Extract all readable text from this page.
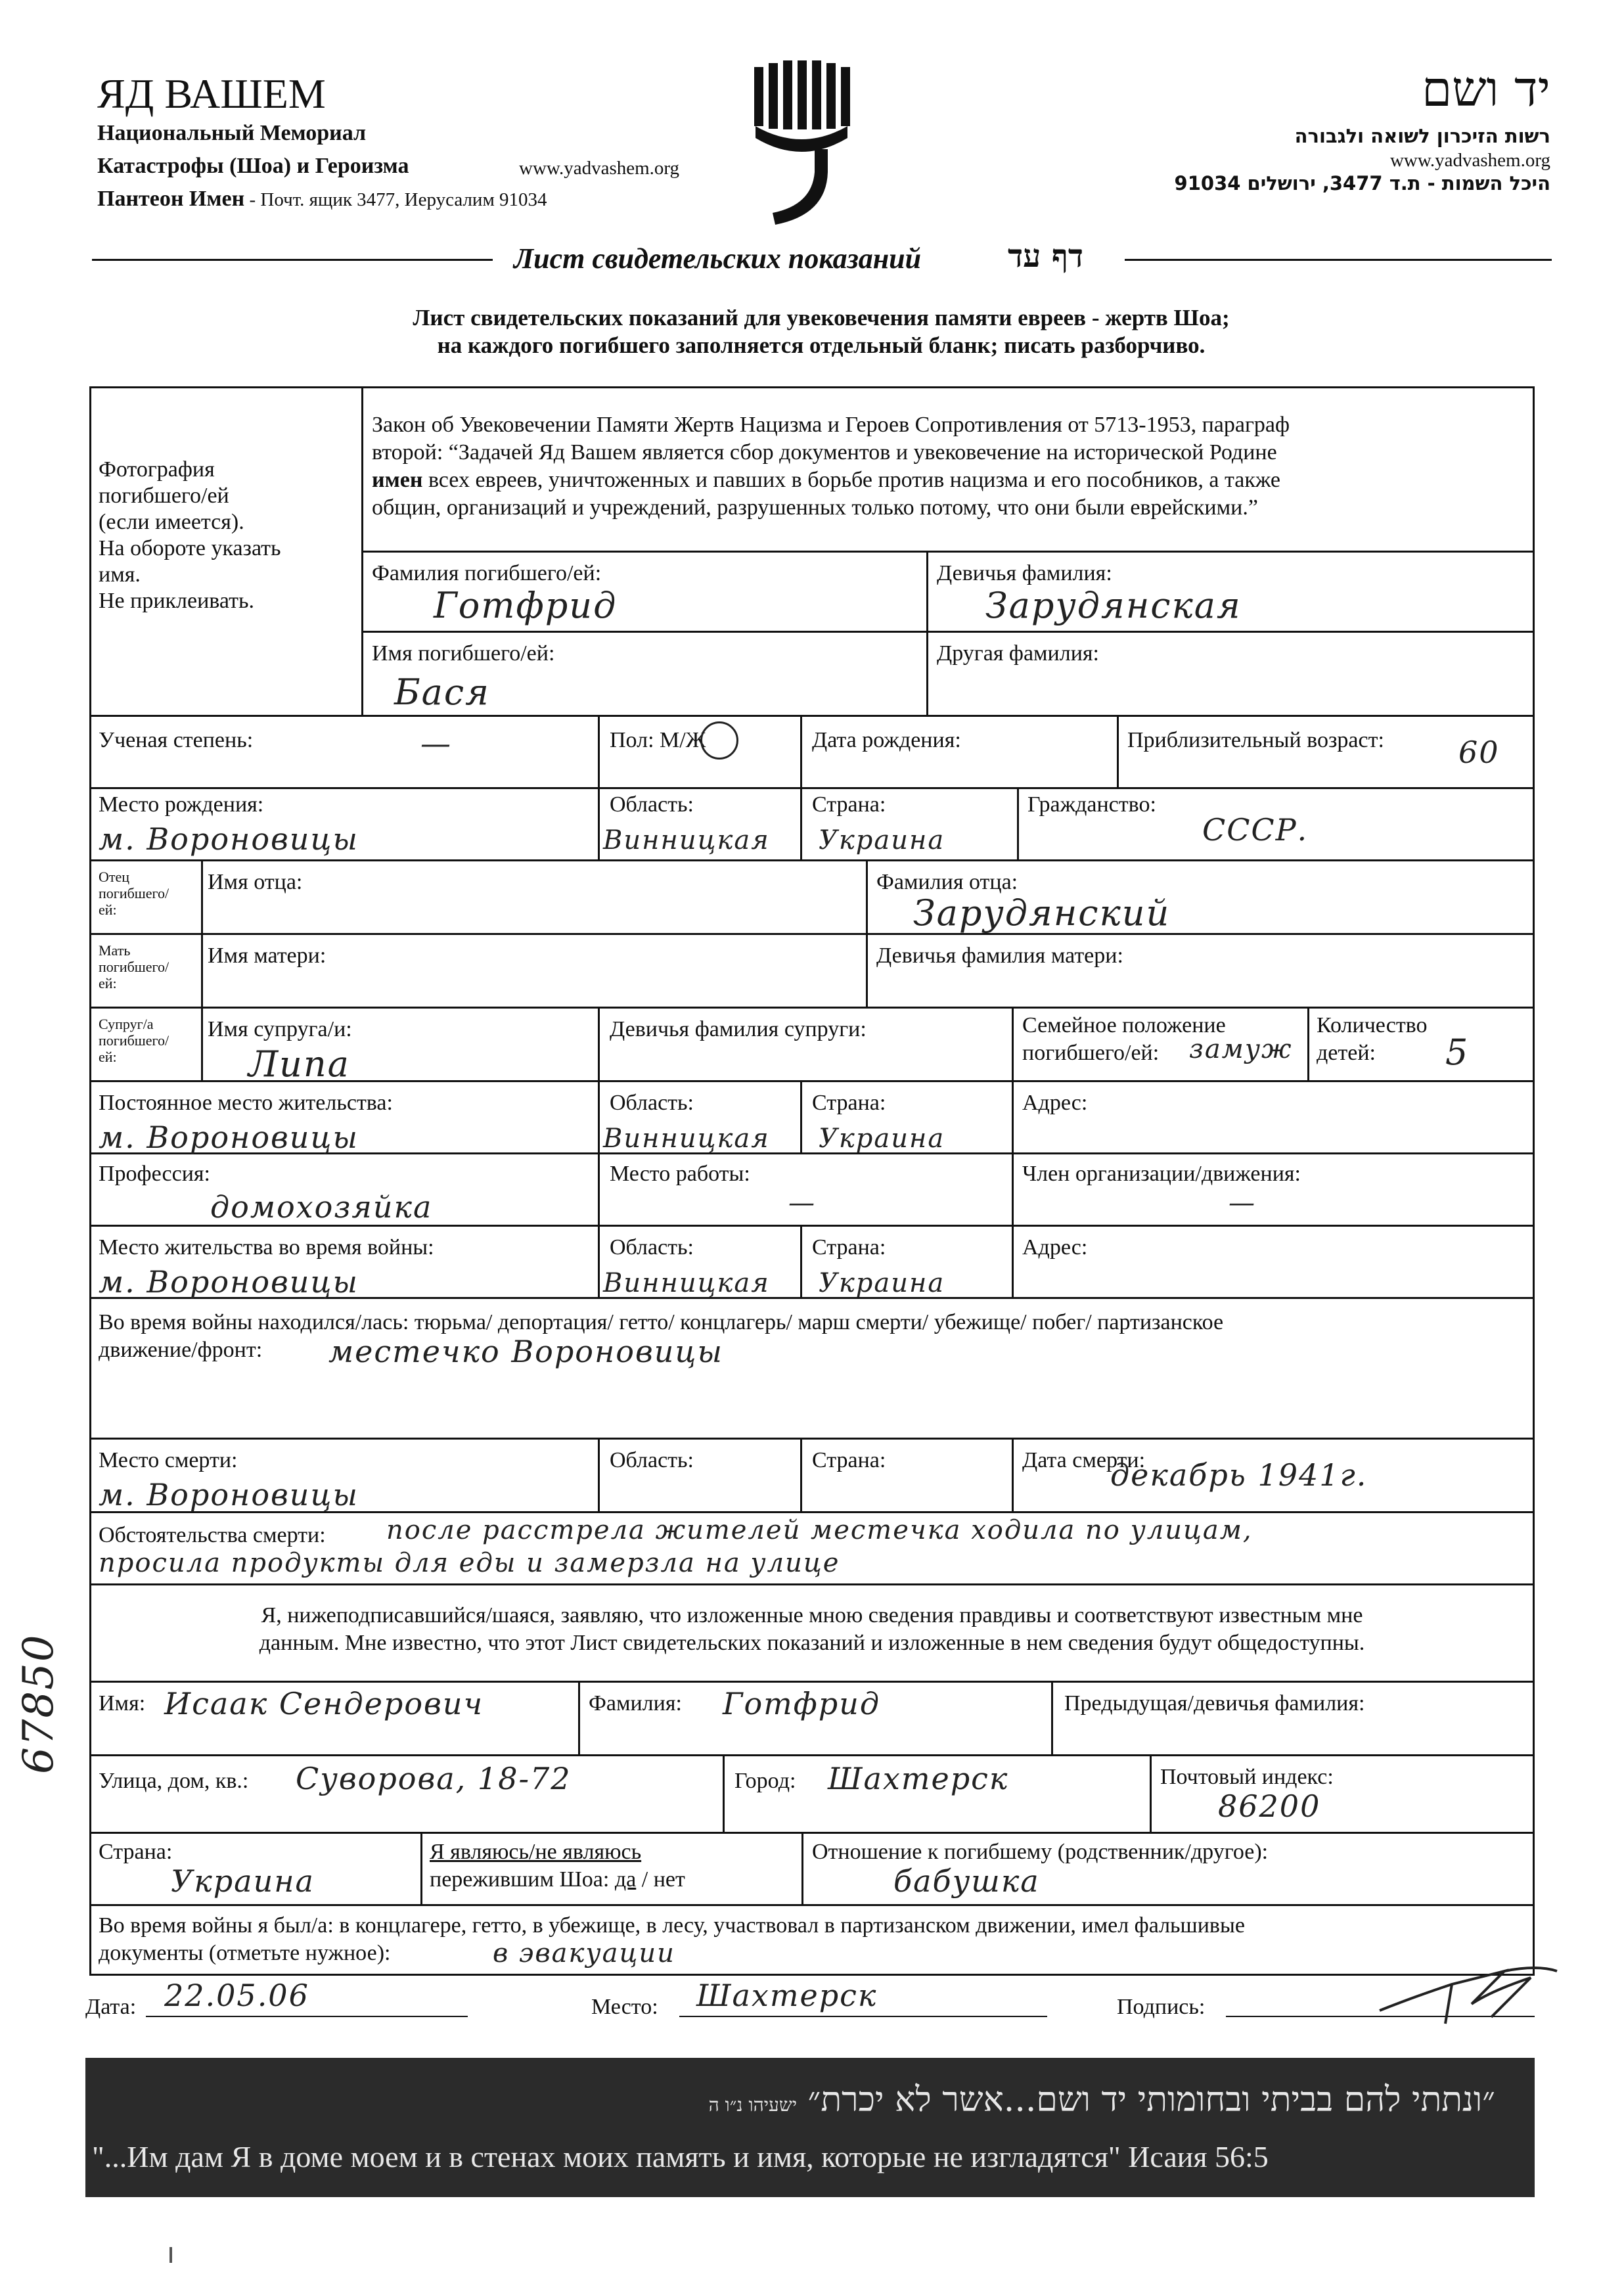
ЯД ВАШЕМ
Национальный Мемориал
Катастрофы (Шоа) и Героизма	www.yadvashem.org
Пантеон Имен - Почт. ящик 3477, Иерусалим 91034
יד ושם
רשות הזיכרון לשואה ולגבורה
www.yadvashem.org
היכל השמות - ת.ד 3477, ירושלים 91034
Лист свидетельских показаний	דף עד
Лист свидетельских показаний для увековечения памяти евреев - жертв Шоа;
на каждого погибшего заполняется отдельный бланк; писать разборчиво.
Фотография
погибшего/ей
(если имеется).
На обороте указать
имя.
Не приклеивать.
Закон об Увековечении Памяти Жертв Нацизма и Героев Сопротивления от 5713-1953, параграф
второй: “Задачей Яд Вашем является сбор документов и увековечение на исторической Родине
имен всех евреев, уничтоженных и павших в борьбе против нацизма и его пособников, а также
общин, организаций и учреждений, разрушенных только потому, что они были еврейскими.”
Фамилия погибшего/ей:
Готфрид
Девичья фамилия:
Зарудянская
Имя погибшего/ей:
Бася
Другая фамилия:
Ученая степень:	—	Пол: М/Ж	Дата рождения:	Приблизительный возраст: 60
Место рождения:
м. Вороновицы
Область:
Винницкая
Страна:
Украина
Гражданство:
СССР.
Отец
погибшего/
ей:
Имя отца:	Фамилия отца:
Зарудянский
Мать
погибшего/
ей:
Имя матери:	Девичья фамилия матери:
Супруг/а
погибшего/
ей:
Имя супруга/и:
Липа
Девичья фамилия супруги:	Семейное положение
погибшего/ей: замуж
Количество
детей: 5
Постоянное место жительства:
м. Вороновицы
Область:
Винницкая
Страна:
Украина
Адрес:
Профессия:
домохозяйка
Место работы:
—
Член организации/движения:
—
Место жительства во время войны:
м. Вороновицы
Область:
Винницкая
Страна:
Украина
Адрес:
Во время войны находился/лась: тюрьма/ депортация/ гетто/ концлагерь/ марш смерти/ убежище/ побег/ партизанское
движение/фронт: местечко Вороновицы
Место смерти:
м. Вороновицы
Область:	Страна:	Дата смерти:
декабрь 1941г.
Обстоятельства смерти: после расстрела жителей местечка ходила по улицам,
просила продукты для еды и замерзла на улице
Я, нижеподписавшийся/шаяся, заявляю, что изложенные мною сведения правдивы и соответствуют известным мне
данным. Мне известно, что этот Лист свидетельских показаний и изложенные в нем сведения будут общедоступны.
Имя: Исаак Сендерович	Фамилия: Готфрид	Предыдущая/девичья фамилия:
Улица, дом, кв.: Суворова, 18-72	Город: Шахтерск	Почтовый индекс:
86200
Страна:
Украина
Я являюсь/не являюсь
пережившим Шоа: да / нет
Отношение к погибшему (родственник/другое):
бабушка
Во время войны я был/а: в концлагере, гетто, в убежище, в лесу, участвовал в партизанском движении, имел фальшивые
документы (отметьте нужное):	в эвакуации
Дата: 22.05.06	Место: Шахтерск	Подпись:
67850
״ונתתי להם בביתי ובחומותי יד ושם...אשר לא יכרת״ ישעיהו נ״ו ה
"...Им дам Я в доме моем и в стенах моих память и имя, которые не изгладятся" Исаия 56:5
